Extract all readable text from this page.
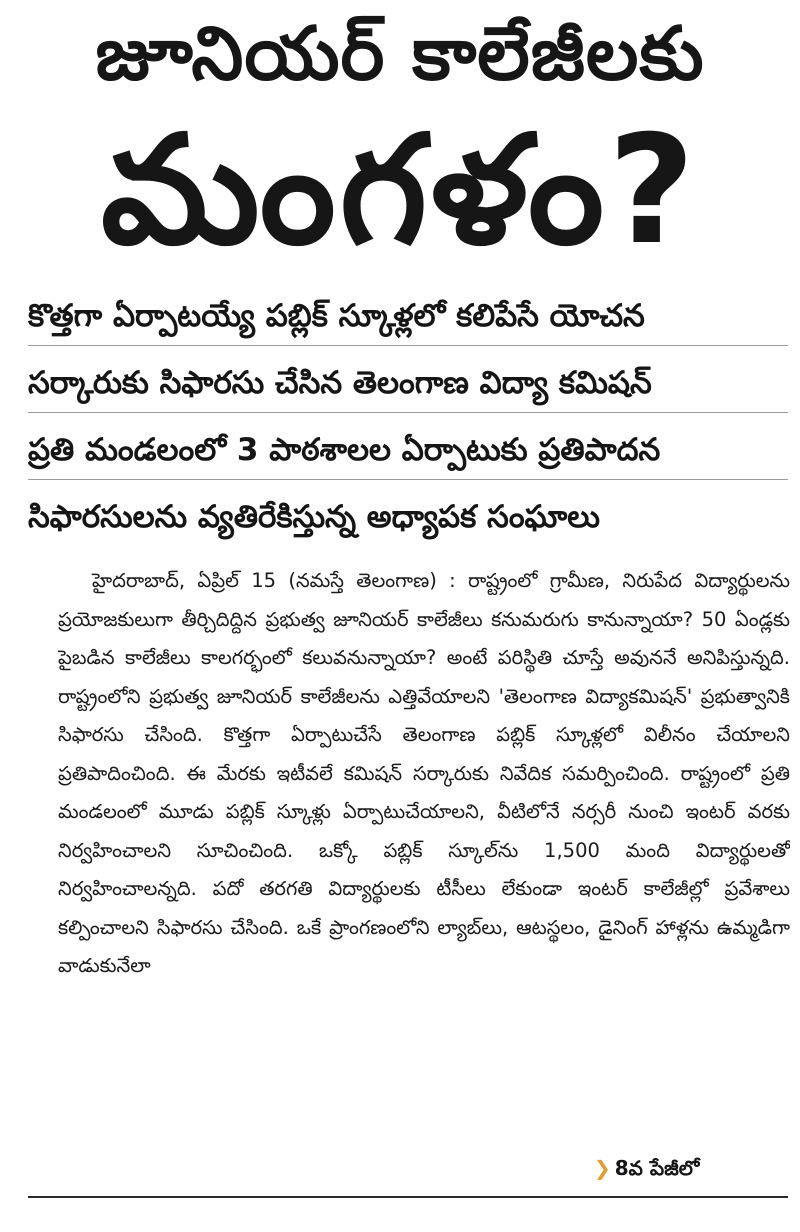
జూనియర్ కాలేజీలకు
మంగళం?
కొత్తగా ఏర్పాటయ్యే పబ్లిక్ స్కూళ్లలో కలిపేసే యోచన
సర్కారుకు సిఫారసు చేసిన తెలంగాణ విద్యా కమిషన్
ప్రతి మండలంలో 3 పాఠశాలల ఏర్పాటుకు ప్రతిపాదన
సిఫారసులను వ్యతిరేకిస్తున్న అధ్యాపక సంఘాలు
హైదరాబాద్, ఏప్రిల్ 15 (నమస్తే తెలంగాణ) : రాష్ట్రంలో గ్రామీణ, నిరుపేద విద్యార్థులను ప్రయోజకులుగా తీర్చిదిద్దిన ప్రభుత్వ జూనియర్ కాలేజీలు కనుమరుగు కానున్నాయా? 50 ఏండ్లకు పైబడిన కాలేజీలు కాలగర్భంలో కలువనున్నాయా? అంటే పరిస్థితి చూస్తే అవుననే అనిపిస్తున్నది. రాష్ట్రంలోని ప్రభుత్వ జూనియర్ కాలేజీలను ఎత్తివేయాలని 'తెలంగాణ విద్యాకమిషన్' ప్రభుత్వానికి సిఫారసు చేసింది. కొత్తగా ఏర్పాటుచేసే తెలంగాణ పబ్లిక్ స్కూళ్లలో విలీనం చేయాలని ప్రతిపాదించింది. ఈ మేరకు ఇటీవలే కమిషన్ సర్కారుకు నివేదిక సమర్పించింది. రాష్ట్రంలో ప్రతి మండలంలో మూడు పబ్లిక్ స్కూళ్లు ఏర్పాటుచేయాలని, వీటిలోనే నర్సరీ నుంచి ఇంటర్ వరకు నిర్వహించాలని సూచించింది. ఒక్కో పబ్లిక్ స్కూల్‌ను 1,500 మంది విద్యార్థులతో నిర్వహించాలన్నది. పదో తరగతి విద్యార్థులకు టీసీలు లేకుండా ఇంటర్ కాలేజీల్లో ప్రవేశాలు కల్పించాలని సిఫారసు చేసింది. ఒకే ప్రాంగణంలోని ల్యాబ్‌లు, ఆటస్థలం, డైనింగ్ హాళ్లను ఉమ్మడిగా వాడుకునేలా
❯ 8వ పేజీలో
